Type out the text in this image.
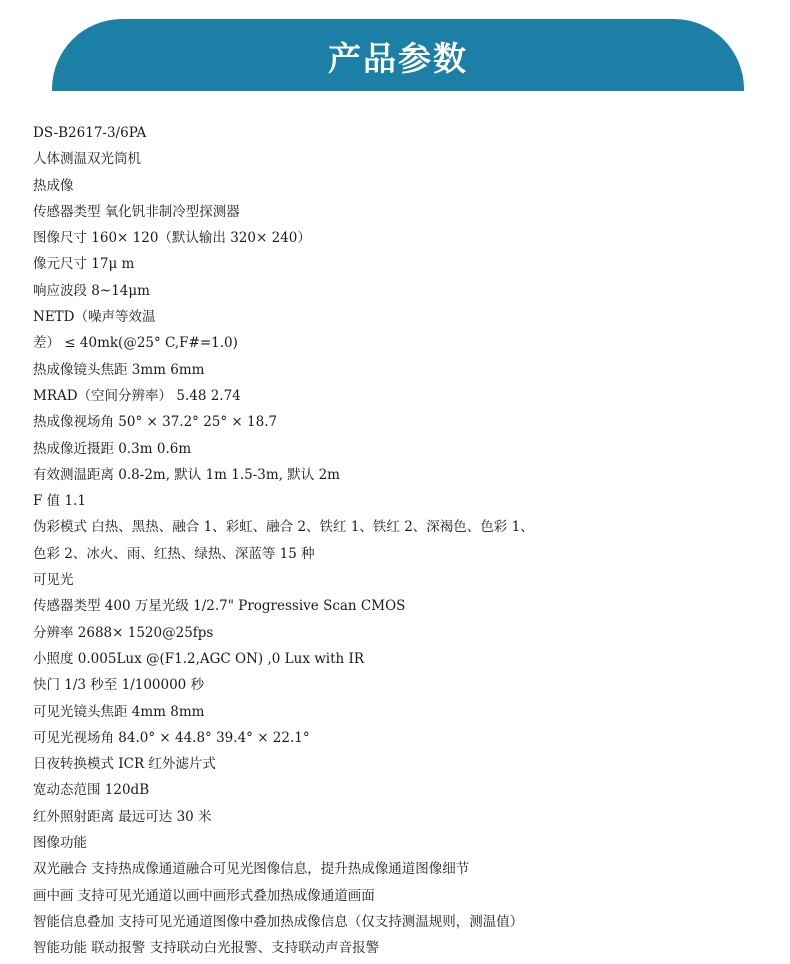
产品参数
DS-B2617-3/6PA
人体测温双光筒机
热成像
传感器类型 氧化钒非制冷型探测器
图像尺寸 160× 120（默认输出 320× 240）
像元尺寸 17μ m
响应波段 8~14μm
NETD（噪声等效温
差） ≤ 40mk(@25° C,F#=1.0)
热成像镜头焦距 3mm 6mm
MRAD（空间分辨率） 5.48 2.74
热成像视场角 50° × 37.2° 25° × 18.7
热成像近摄距 0.3m 0.6m
有效测温距离 0.8-2m, 默认 1m 1.5-3m, 默认 2m
F 值 1.1
伪彩模式 白热、黑热、融合 1、彩虹、融合 2、铁红 1、铁红 2、深褐色、色彩 1、
色彩 2、冰火、雨、红热、绿热、深蓝等 15 种
可见光
传感器类型 400 万星光级 1/2.7" Progressive Scan CMOS
分辨率 2688× 1520@25fps
小照度 0.005Lux @(F1.2,AGC ON) ,0 Lux with IR
快门 1/3 秒至 1/100000 秒
可见光镜头焦距 4mm 8mm
可见光视场角 84.0° × 44.8° 39.4° × 22.1°
日夜转换模式 ICR 红外滤片式
宽动态范围 120dB
红外照射距离 最远可达 30 米
图像功能
双光融合 支持热成像通道融合可见光图像信息，提升热成像通道图像细节
画中画 支持可见光通道以画中画形式叠加热成像通道画面
智能信息叠加 支持可见光通道图像中叠加热成像信息（仅支持测温规则，测温值）
智能功能 联动报警 支持联动白光报警、支持联动声音报警
